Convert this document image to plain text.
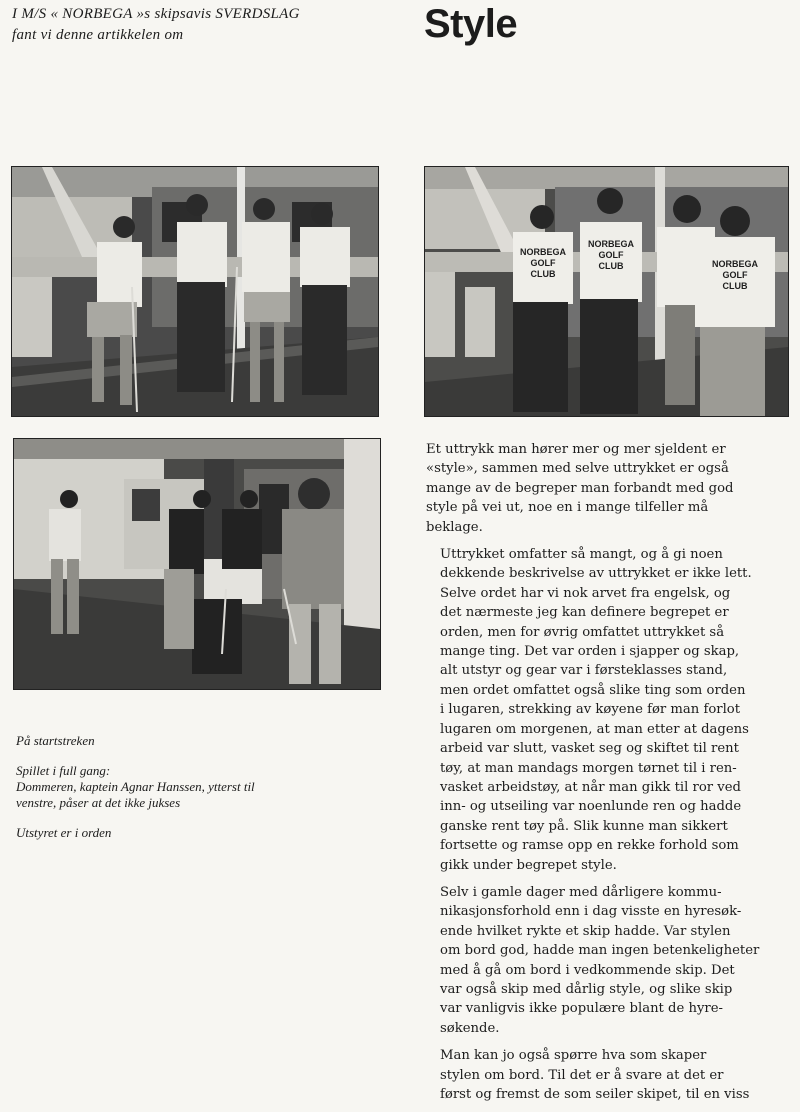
I M/S « NORBEGA »s skipsavis SVERDSLAG
fant vi denne artikkelen om	Style
NORBEGA
GOLF
CLUB
NORBEGA
GOLF
CLUB	NORBEGA
GOLF
CLUB

På startstreken

Spillet i full gang:
Dommeren, kaptein Agnar Hanssen, ytterst til
venstre, påser at det ikke jukses

Utstyret er i orden

Et uttrykk man hører mer og mer sjeldent er
«style», sammen med selve uttrykket er også
mange av de begreper man forbandt med god
style på vei ut, noe en i mange tilfeller må
beklage.

Uttrykket omfatter så mangt, og å gi noen
dekkende beskrivelse av uttrykket er ikke lett.
Selve ordet har vi nok arvet fra engelsk, og
det nærmeste jeg kan definere begrepet er
orden, men for øvrig omfattet uttrykket så
mange ting. Det var orden i sjapper og skap,
alt utstyr og gear var i førsteklasses stand,
men ordet omfattet også slike ting som orden
i lugaren, strekking av køyene før man forlot
lugaren om morgenen, at man etter at dagens
arbeid var slutt, vasket seg og skiftet til rent
tøy, at man mandags morgen tørnet til i ren-
vasket arbeidstøy, at når man gikk til ror ved
inn- og utseiling var noenlunde ren og hadde
ganske rent tøy på. Slik kunne man sikkert
fortsette og ramse opp en rekke forhold som
gikk under begrepet style.

Selv i gamle dager med dårligere kommu-
nikasjonsforhold enn i dag visste en hyresøk-
ende hvilket rykte et skip hadde. Var stylen
om bord god, hadde man ingen betenkeligheter
med å gå om bord i vedkommende skip. Det
var også skip med dårlig style, og slike skip
var vanligvis ikke populære blant de hyre-
søkende.

Man kan jo også spørre hva som skaper
stylen om bord. Til det er å svare at det er
først og fremst de som seiler skipet, til en viss
